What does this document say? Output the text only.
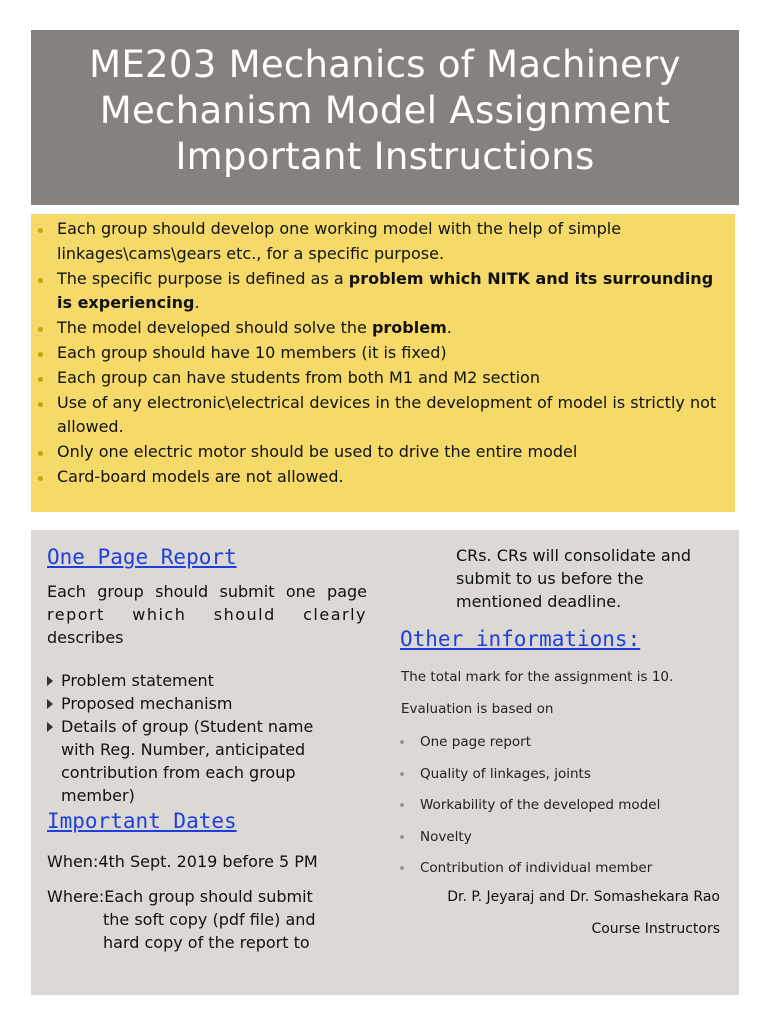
ME203 Mechanics of Machinery
Mechanism Model Assignment
Important Instructions
Each group should develop one working model with the help of simple linkages\cams\gears etc., for a specific purpose.
The specific purpose is defined as a problem which NITK and its surrounding is experiencing.
The model developed should solve the problem.
Each group should have 10 members (it is fixed)
Each group can have students from both M1 and M2 section
Use of any electronic\electrical devices in the development of model is strictly not allowed.
Only one electric motor should be used to drive the entire model
Card-board models are not allowed.
One Page Report
Each group should submit one page
report which should clearly
describes
Problem statement
Proposed mechanism
Details of group (Student name with Reg. Number, anticipated contribution from each group member)
Important Dates
When:4th Sept. 2019 before 5 PM
Where: Each group should submit the soft copy (pdf file) and hard copy of the report to
CRs. CRs will consolidate and submit to us before the mentioned deadline.
Other informations:
The total mark for the assignment is 10.
Evaluation is based on
One page report
Quality of linkages, joints
Workability of the developed model
Novelty
Contribution of individual member
Dr. P. Jeyaraj and Dr. Somashekara Rao
Course Instructors
